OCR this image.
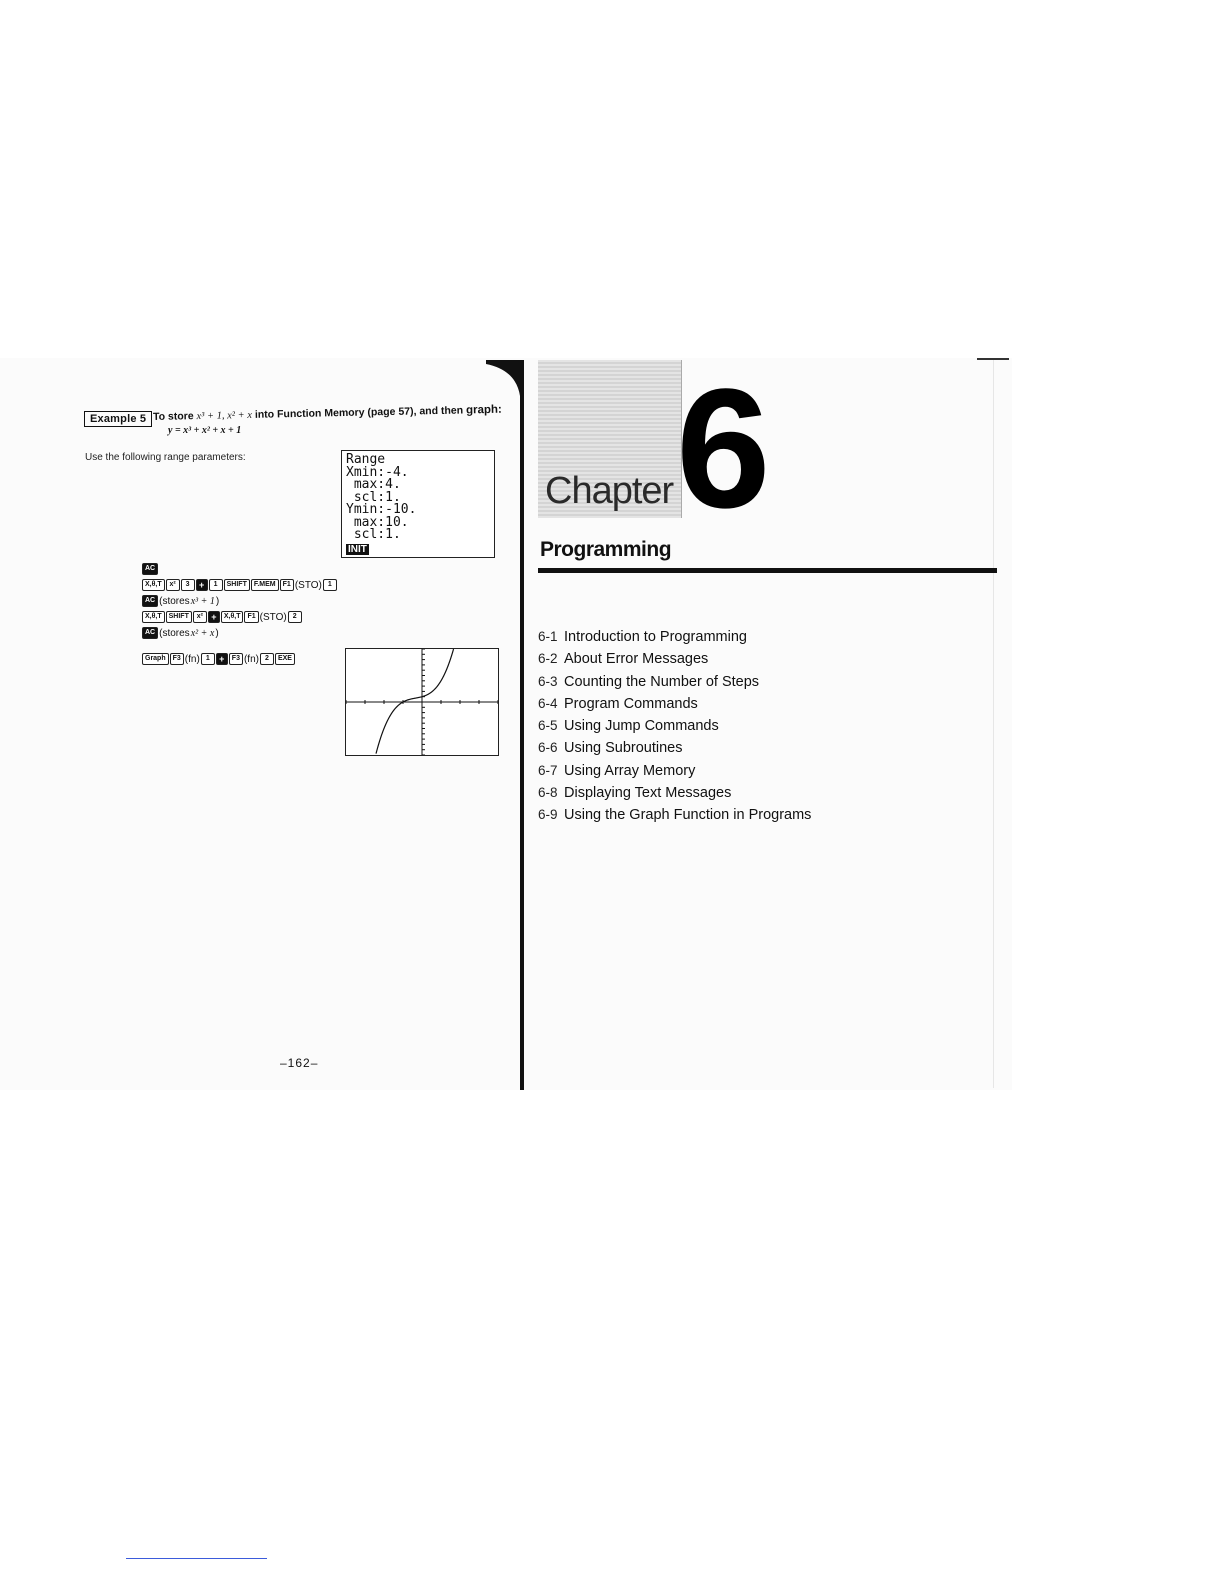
Example 5 To store x³ + 1, x² + x into Function Memory (page 57), and then graph:
y = x³ + x² + x + 1
Use the following range parameters:	Range
Xmin:-4.
max:4.
scl:1.
Ymin:-10.
max:10.
scl:1.
INIT
AC
X,θ,T	x²	3	+	1	SHIFT	F.MEM	F1 (STO) 1
AC (stores x³ + 1 )
X,θ,T	SHIFT	x² +	X,θ,T	F1 (STO) 2
AC (stores x² + x )
Graph	F3 (fn) 1	+	F3 (fn) 2	EXE
–162–
Chapter 6
Programming
6-1 Introduction to Programming
6-2 About Error Messages
6-3 Counting the Number of Steps
6-4 Program Commands
6-5 Using Jump Commands
6-6 Using Subroutines
6-7 Using Array Memory
6-8 Displaying Text Messages
6-9 Using the Graph Function in Programs
